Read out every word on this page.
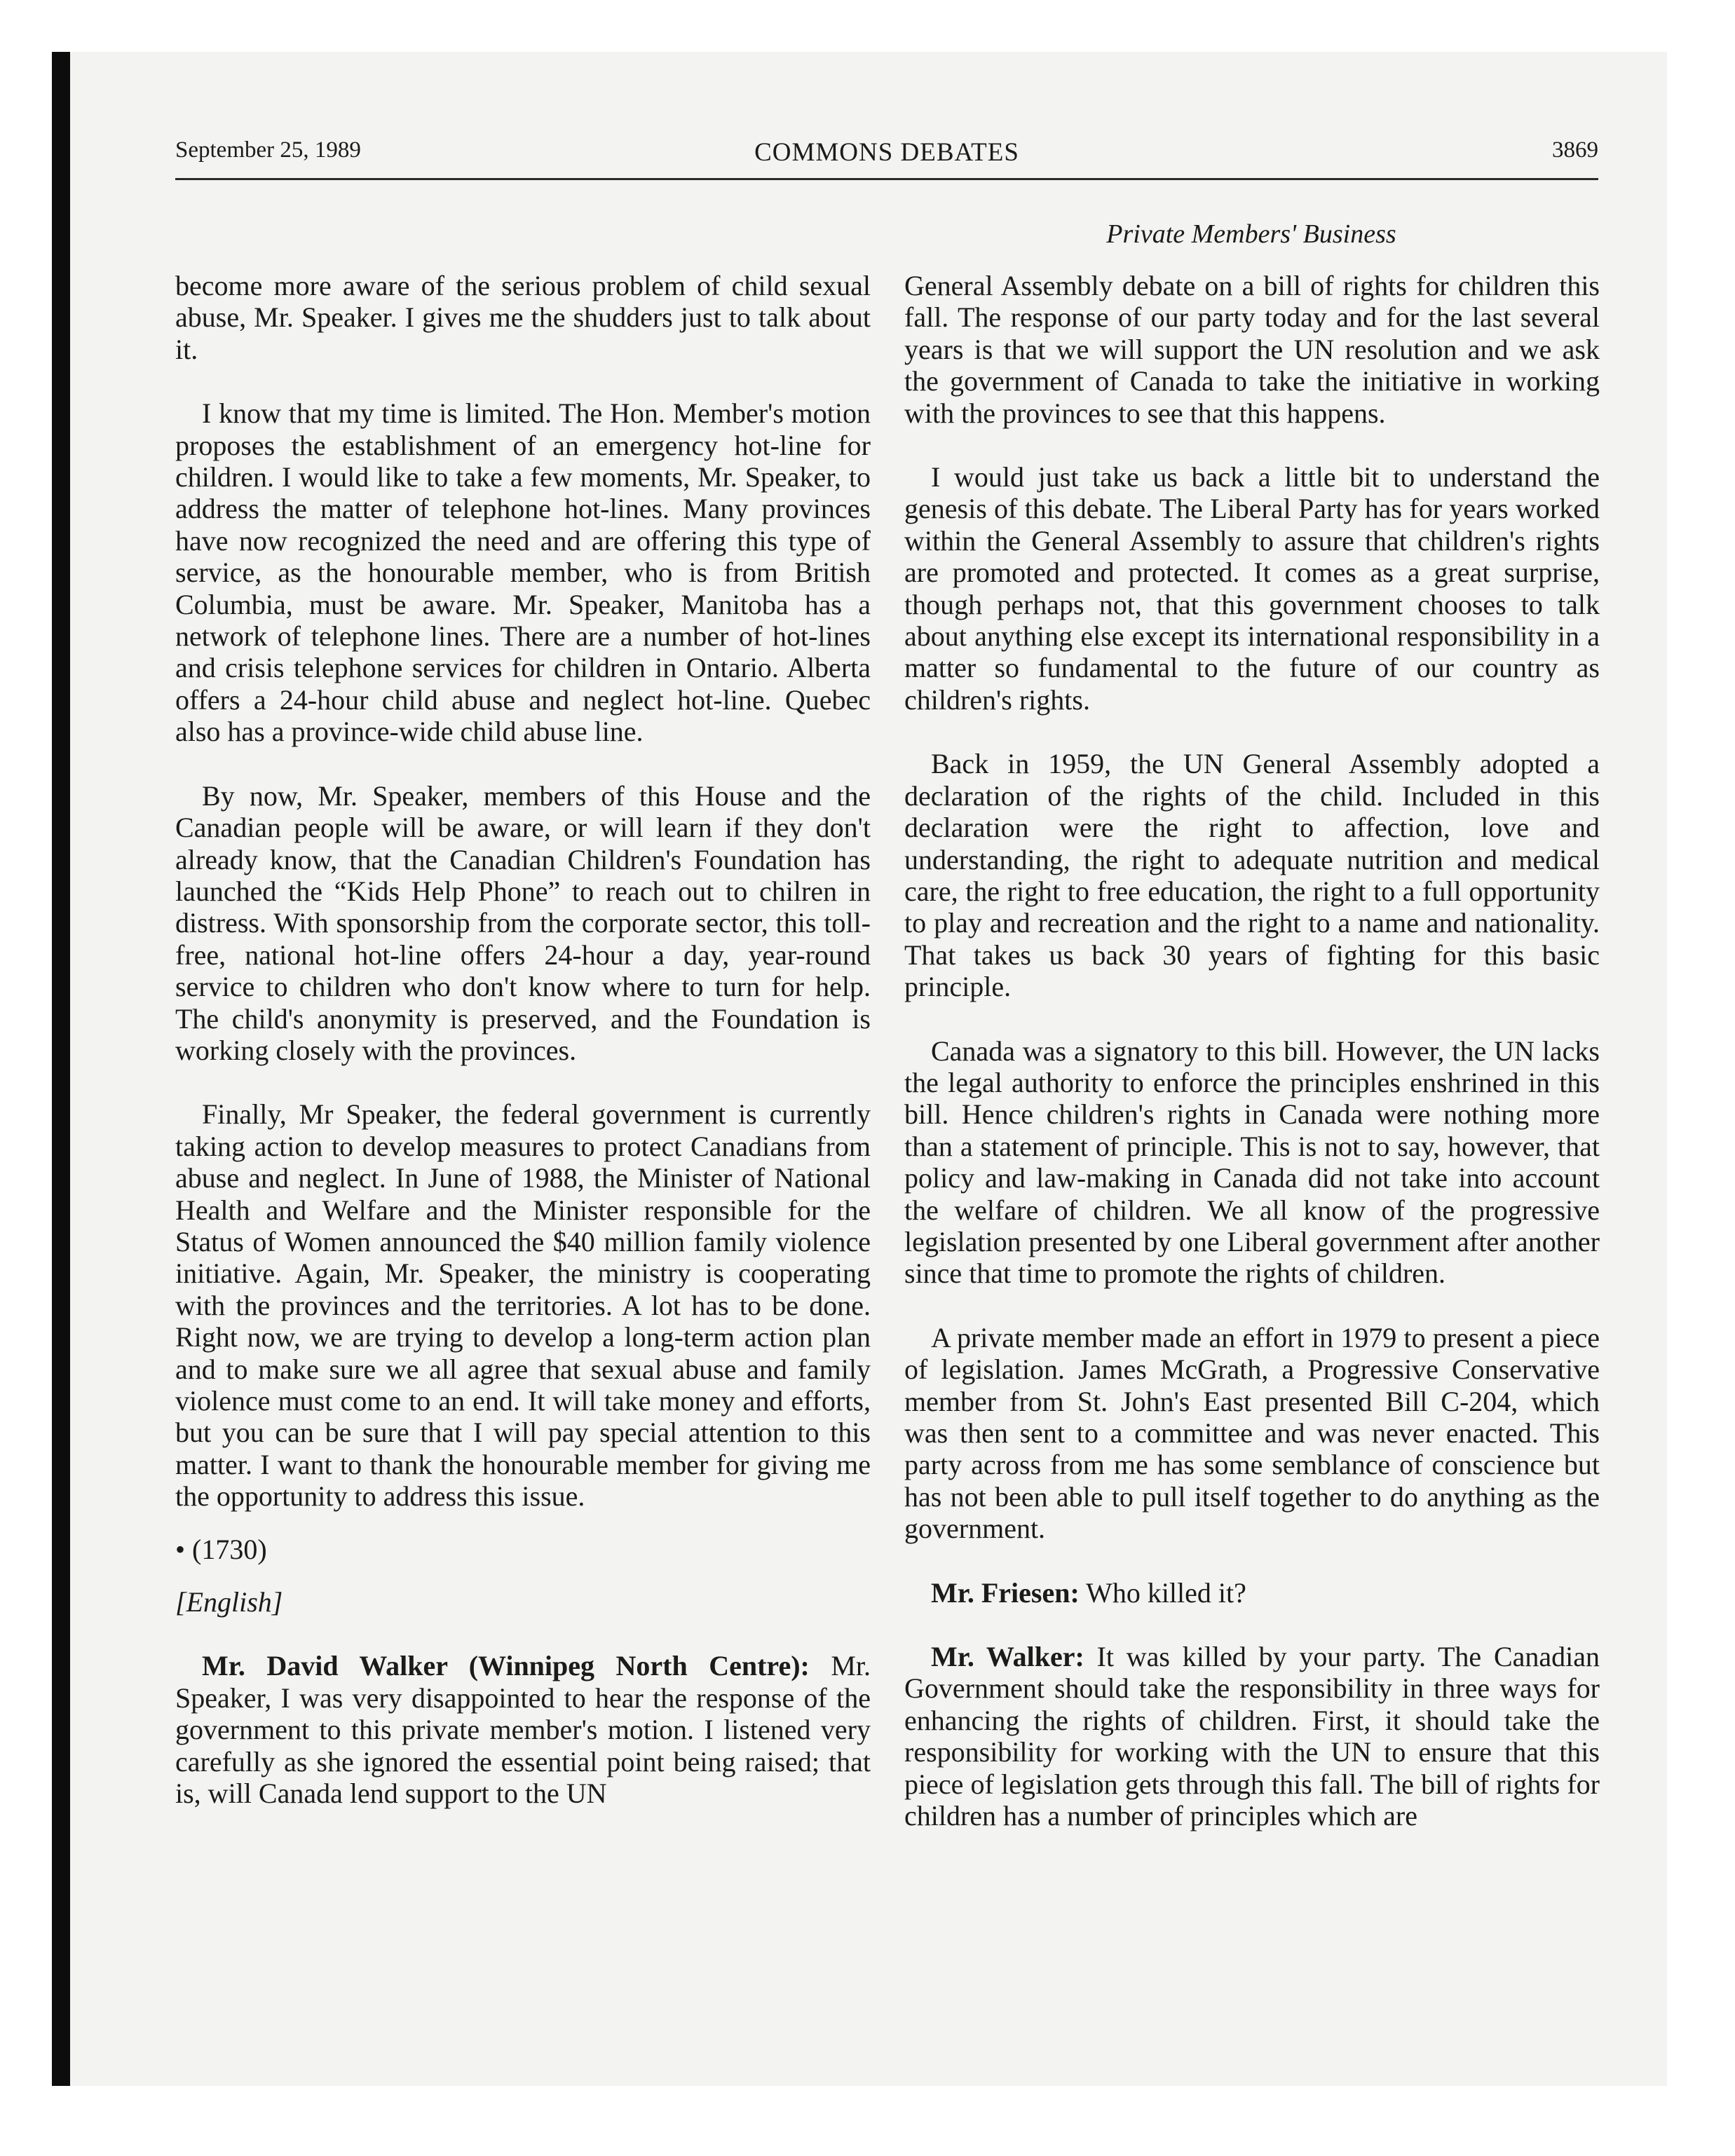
September 25, 1989	COMMONS DEBATES	3869
Private Members' Business

become more aware of the serious problem of child sexual abuse, Mr. Speaker. I gives me the shudders just to talk about it.

I know that my time is limited. The Hon. Member's motion proposes the establishment of an emergency hot-line for children. I would like to take a few moments, Mr. Speaker, to address the matter of telephone hot-lines. Many provinces have now recognized the need and are offering this type of service, as the honourable member, who is from British Columbia, must be aware. Mr. Speaker, Manitoba has a network of telephone lines. There are a number of hot-lines and crisis telephone services for children in Ontario. Alberta offers a 24-hour child abuse and neglect hot-line. Quebec also has a province-wide child abuse line.

By now, Mr. Speaker, members of this House and the Canadian people will be aware, or will learn if they don't already know, that the Canadian Children's Foundation has launched the “Kids Help Phone” to reach out to chilren in distress. With sponsorship from the corporate sector, this toll-free, national hot-line offers 24-hour a day, year-round service to children who don't know where to turn for help. The child's anonymity is preserved, and the Foundation is working closely with the provinces.

Finally, Mr Speaker, the federal government is currently taking action to develop measures to protect Canadians from abuse and neglect. In June of 1988, the Minister of National Health and Welfare and the Minister responsible for the Status of Women announced the $40 million family violence initiative. Again, Mr. Speaker, the ministry is cooperating with the provinces and the territories. A lot has to be done. Right now, we are trying to develop a long-term action plan and to make sure we all agree that sexual abuse and family violence must come to an end. It will take money and efforts, but you can be sure that I will pay special attention to this matter. I want to thank the honourable member for giving me the opportunity to address this issue.

• (1730)

[English]

Mr. David Walker (Winnipeg North Centre): Mr. Speaker, I was very disappointed to hear the response of the government to this private member's motion. I listened very carefully as she ignored the essential point being raised; that is, will Canada lend support to the UN

General Assembly debate on a bill of rights for children this fall. The response of our party today and for the last several years is that we will support the UN resolution and we ask the government of Canada to take the initiative in working with the provinces to see that this happens.

I would just take us back a little bit to understand the genesis of this debate. The Liberal Party has for years worked within the General Assembly to assure that children's rights are promoted and protected. It comes as a great surprise, though perhaps not, that this government chooses to talk about anything else except its international responsibility in a matter so fundamental to the future of our country as children's rights.

Back in 1959, the UN General Assembly adopted a declaration of the rights of the child. Included in this declaration were the right to affection, love and understanding, the right to adequate nutrition and medical care, the right to free education, the right to a full opportunity to play and recreation and the right to a name and nationality. That takes us back 30 years of fighting for this basic principle.

Canada was a signatory to this bill. However, the UN lacks the legal authority to enforce the principles enshrined in this bill. Hence children's rights in Canada were nothing more than a statement of principle. This is not to say, however, that policy and law-making in Canada did not take into account the welfare of children. We all know of the progressive legislation presented by one Liberal government after another since that time to promote the rights of children.

A private member made an effort in 1979 to present a piece of legislation. James McGrath, a Progressive Conservative member from St. John's East presented Bill C-204, which was then sent to a committee and was never enacted. This party across from me has some semblance of conscience but has not been able to pull itself together to do anything as the government.

Mr. Friesen: Who killed it?

Mr. Walker: It was killed by your party. The Canadian Government should take the responsibility in three ways for enhancing the rights of children. First, it should take the responsibility for working with the UN to ensure that this piece of legislation gets through this fall. The bill of rights for children has a number of principles which are
